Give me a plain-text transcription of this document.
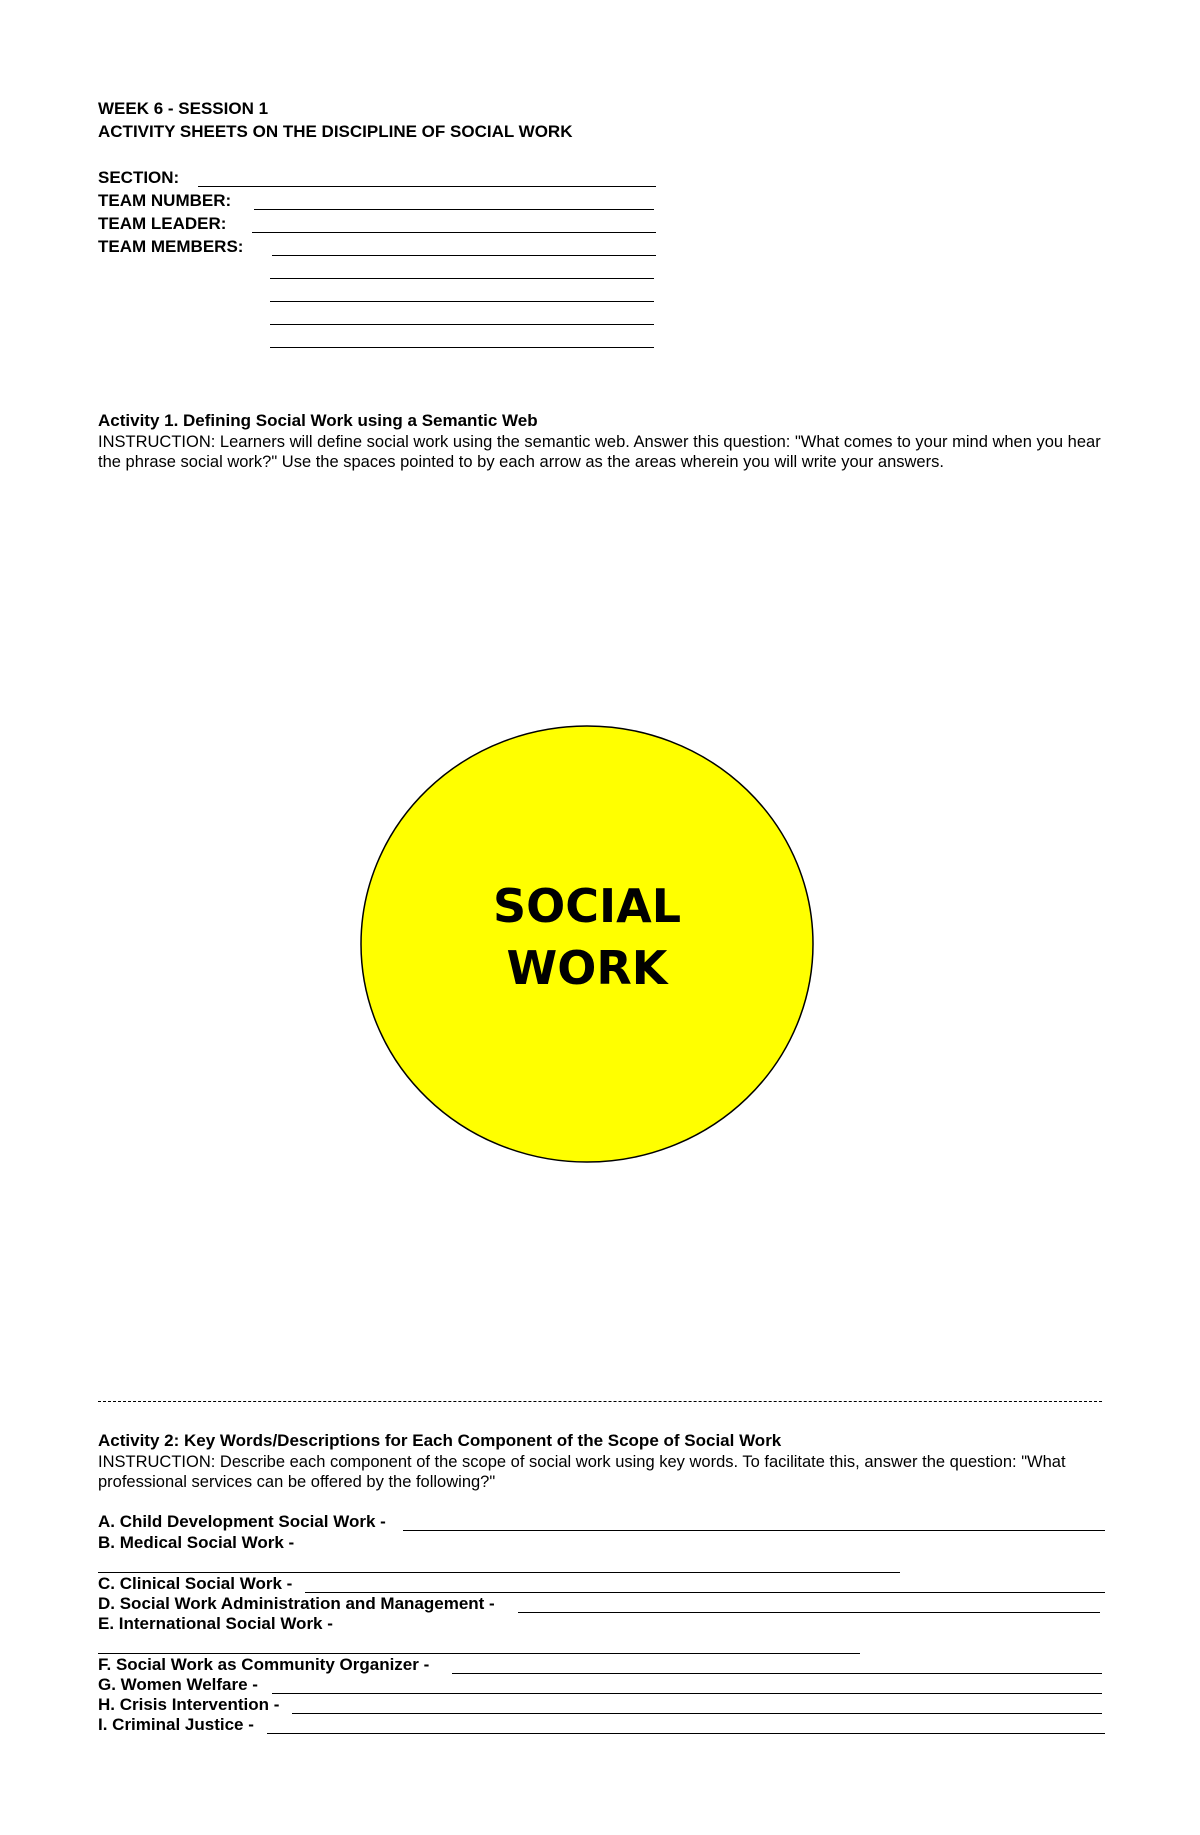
WEEK 6 - SESSION 1
ACTIVITY SHEETS ON THE DISCIPLINE OF SOCIAL WORK
SECTION:
TEAM NUMBER:
TEAM LEADER:
TEAM MEMBERS:
Activity 1. Defining Social Work using a Semantic Web
INSTRUCTION: Learners will define social work using the semantic web. Answer this question: "What comes to your mind when you hear the phrase social work?" Use the spaces pointed to by each arrow as the areas wherein you will write your answers.
SOCIAL
WORK
Activity 2: Key Words/Descriptions for Each Component of the Scope of Social Work
INSTRUCTION: Describe each component of the scope of social work using key words. To facilitate this, answer the question: "What professional services can be offered by the following?"
A. Child Development Social Work -
B. Medical Social Work -
C. Clinical Social Work -
D. Social Work Administration and Management -
E. International Social Work -
F. Social Work as Community Organizer -
G. Women Welfare -
H. Crisis Intervention -
I. Criminal Justice -
